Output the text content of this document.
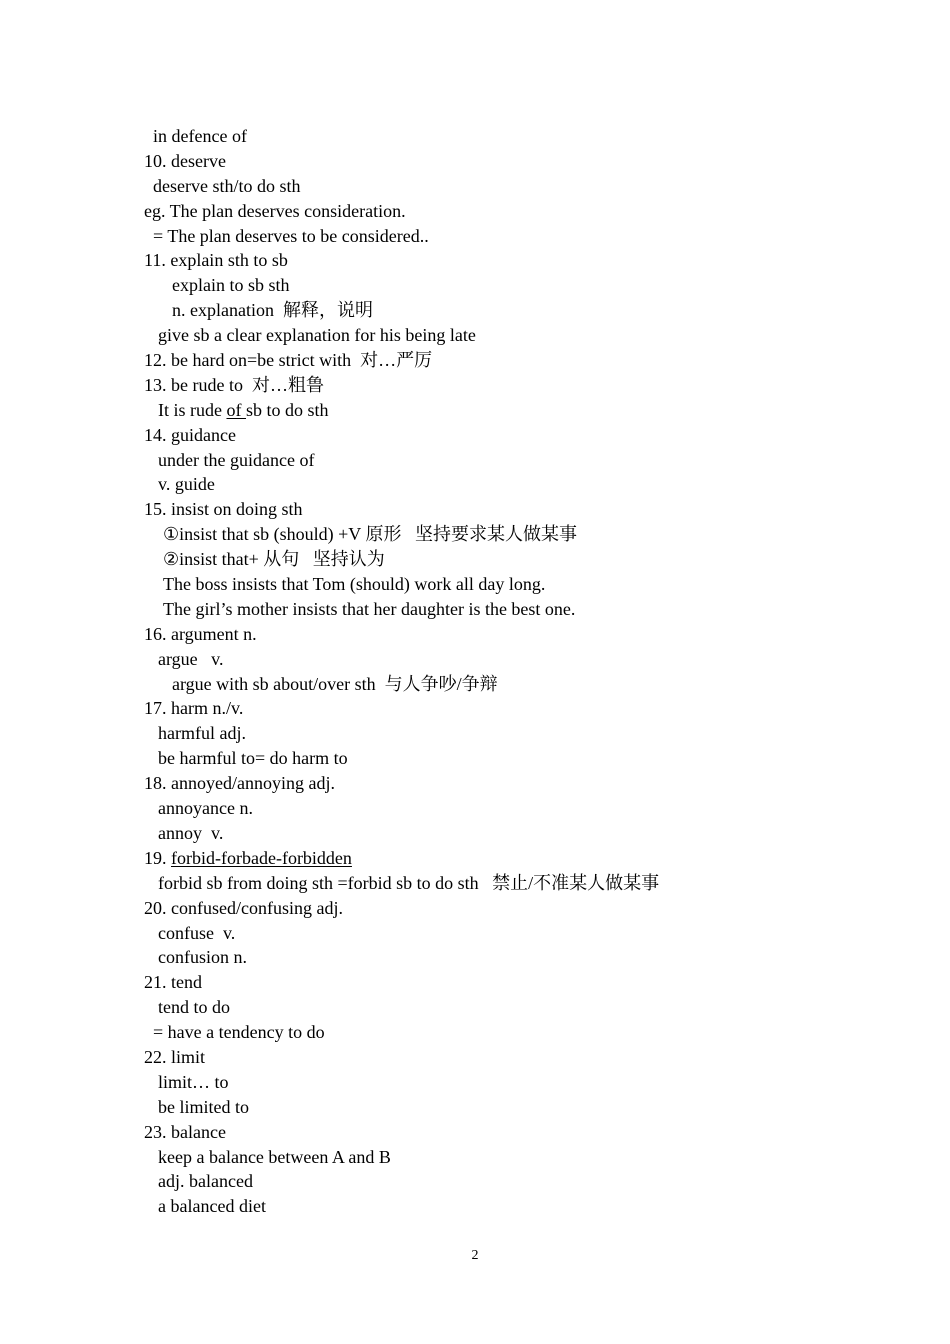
in defence of
10. deserve
deserve sth/to do sth
eg. The plan deserves consideration.
= The plan deserves to be considered..
11. explain sth to sb
explain to sb sth
n. explanation  解释，说明
give sb a clear explanation for his being late
12. be hard on=be strict with  对…严厉
13. be rude to  对…粗鲁
It is rude of sb to do sth
14. guidance
under the guidance of
v. guide
15. insist on doing sth
①insist that sb (should) +V 原形   坚持要求某人做某事
②insist that+ 从句   坚持认为
The boss insists that Tom (should) work all day long.
The girl’s mother insists that her daughter is the best one.
16. argument n.
argue   v.
argue with sb about/over sth  与人争吵/争辩
17. harm n./v.
harmful adj.
be harmful to= do harm to
18. annoyed/annoying adj.
annoyance n.
annoy  v.
19. forbid-forbade-forbidden
forbid sb from doing sth =forbid sb to do sth   禁止/不准某人做某事
20. confused/confusing adj.
confuse  v.
confusion n.
21. tend
tend to do
= have a tendency to do
22. limit
limit… to
be limited to
23. balance
keep a balance between A and B
adj. balanced
a balanced diet
2
